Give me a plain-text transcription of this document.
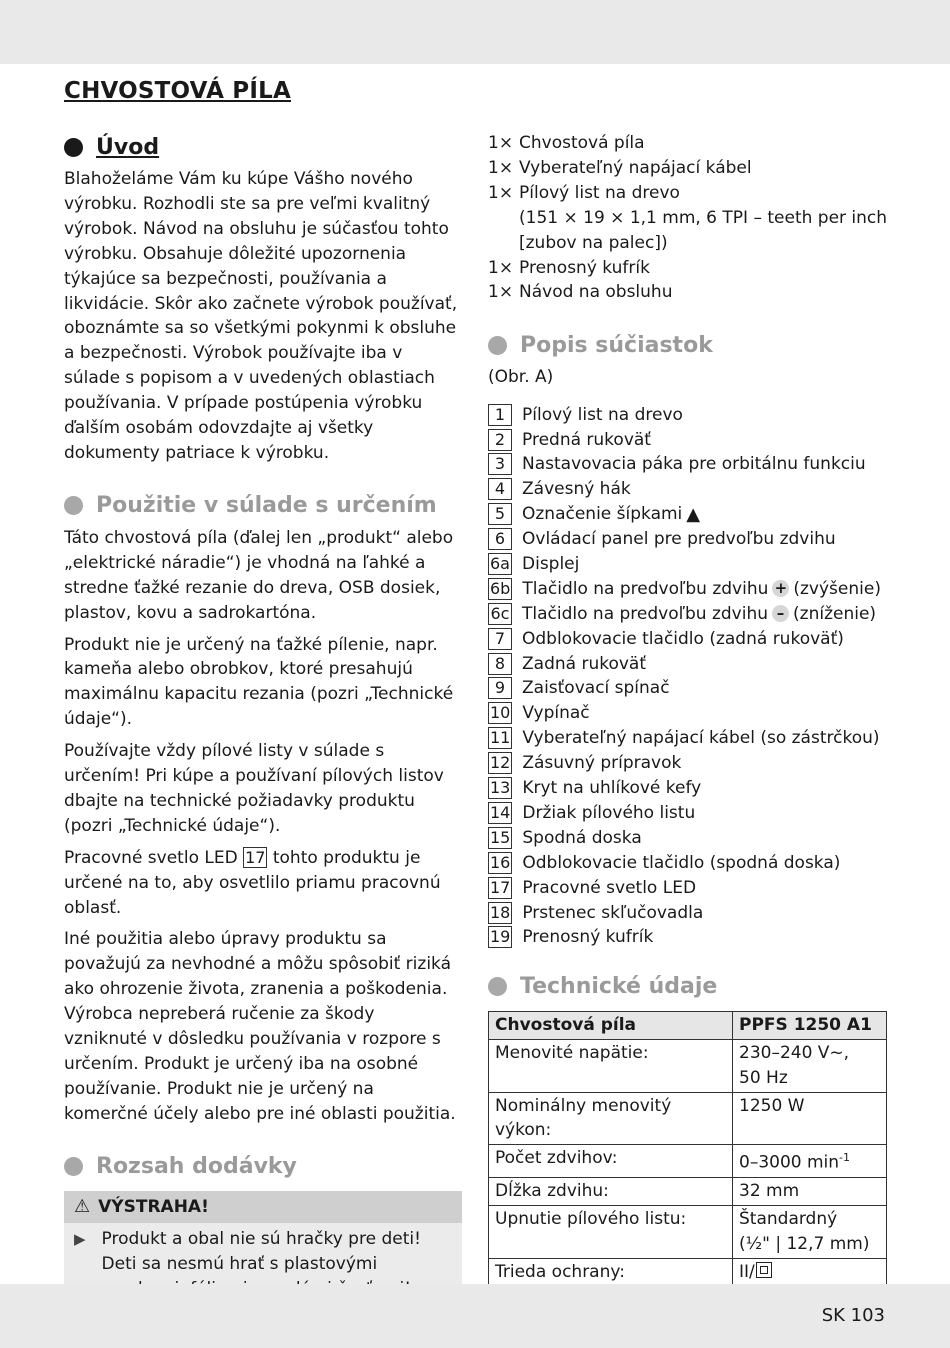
CHVOSTOVÁ PÍLA
Úvod

Blahoželáme Vám ku kúpe Vášho nového výrobku. Rozhodli ste sa pre veľmi kvalitný výrobok. Návod na obsluhu je súčasťou tohto výrobku. Obsahuje dôležité upozornenia týkajúce sa bezpečnosti, používania a likvidácie. Skôr ako začnete výrobok používať, oboznámte sa so všetkými pokynmi k obsluhe a bezpečnosti. Výrobok používajte iba v súlade s popisom a v uvedených oblastiach používania. V prípade postúpenia výrobku ďalším osobám odovzdajte aj všetky dokumenty patriace k výrobku.

Použitie v súlade s určením

Táto chvostová píla (ďalej len „produkt“ alebo „elektrické náradie“) je vhodná na ľahké a stredne ťažké rezanie do dreva, OSB dosiek, plastov, kovu a sadrokartóna.

Produkt nie je určený na ťažké pílenie, napr. kameňa alebo obrobkov, ktoré presahujú maximálnu kapacitu rezania (pozri „Technické údaje“).

Používajte vždy pílové listy v súlade s určením! Pri kúpe a používaní pílových listov dbajte na technické požiadavky produktu (pozri „Technické údaje“).

Pracovné svetlo LED 17 tohto produktu je určené na to, aby osvetlilo priamu pracovnú oblasť.

Iné použitia alebo úpravy produktu sa považujú za nevhodné a môžu spôsobiť riziká ako ohrozenie života, zranenia a poškodenia. Výrobca nepreberá ručenie za škody vzniknuté v dôsledku používania v rozpore s určením. Produkt je určený iba na osobné používanie. Produkt nie je určený na komerčné účely alebo pre iné oblasti použitia.

Rozsah dodávky
⚠ VÝSTRAHA!
▶ Produkt a obal nie sú hračky pre deti! Deti sa nesmú hrať s plastovými

1× Chvostová píla
1× Vyberateľný napájací kábel
1× Pílový list na drevo
(151 × 19 × 1,1 mm, 6 TPI – teeth per inch
[zubov na palec])
1× Prenosný kufrík
1× Návod na obsluhu
Popis súčiastok

(Obr. A)

1 Pílový list na drevo
2 Predná rukoväť
3 Nastavovacia páka pre orbitálnu funkciu
4 Závesný hák
5 Označenie šípkami ▲
6 Ovládací panel pre predvoľbu zdvihu
6a Displej
6b Tlačidlo na predvoľbu zdvihu + (zvýšenie)
6c Tlačidlo na predvoľbu zdvihu – (zníženie)
7 Odblokovacie tlačidlo (zadná rukoväť)
8 Zadná rukoväť
9 Zaisťovací spínač
10 Vypínač
11 Vyberateľný napájací kábel (so zástrčkou)
12 Zásuvný prípravok
13 Kryt na uhlíkové kefy
14 Držiak pílového listu
15 Spodná doska
16 Odblokovacie tlačidlo (spodná doska)
17 Pracovné svetlo LED
18 Prstenec skľučovadla
19 Prenosný kufrík
Technické údaje
Chvostová píla	PPFS 1250 A1
Menovité napätie:	230–240 V~,
50 Hz
Nominálny menovitý výkon:	1250 W
Počet zdvihov:	0–3000 $\min^{-1}$
Dĺžka zdvihu:	32 mm
Upnutie pílového listu:	Štandardný
(½" | 12,7 mm)
Trieda ochrany:	II/
SK 103
